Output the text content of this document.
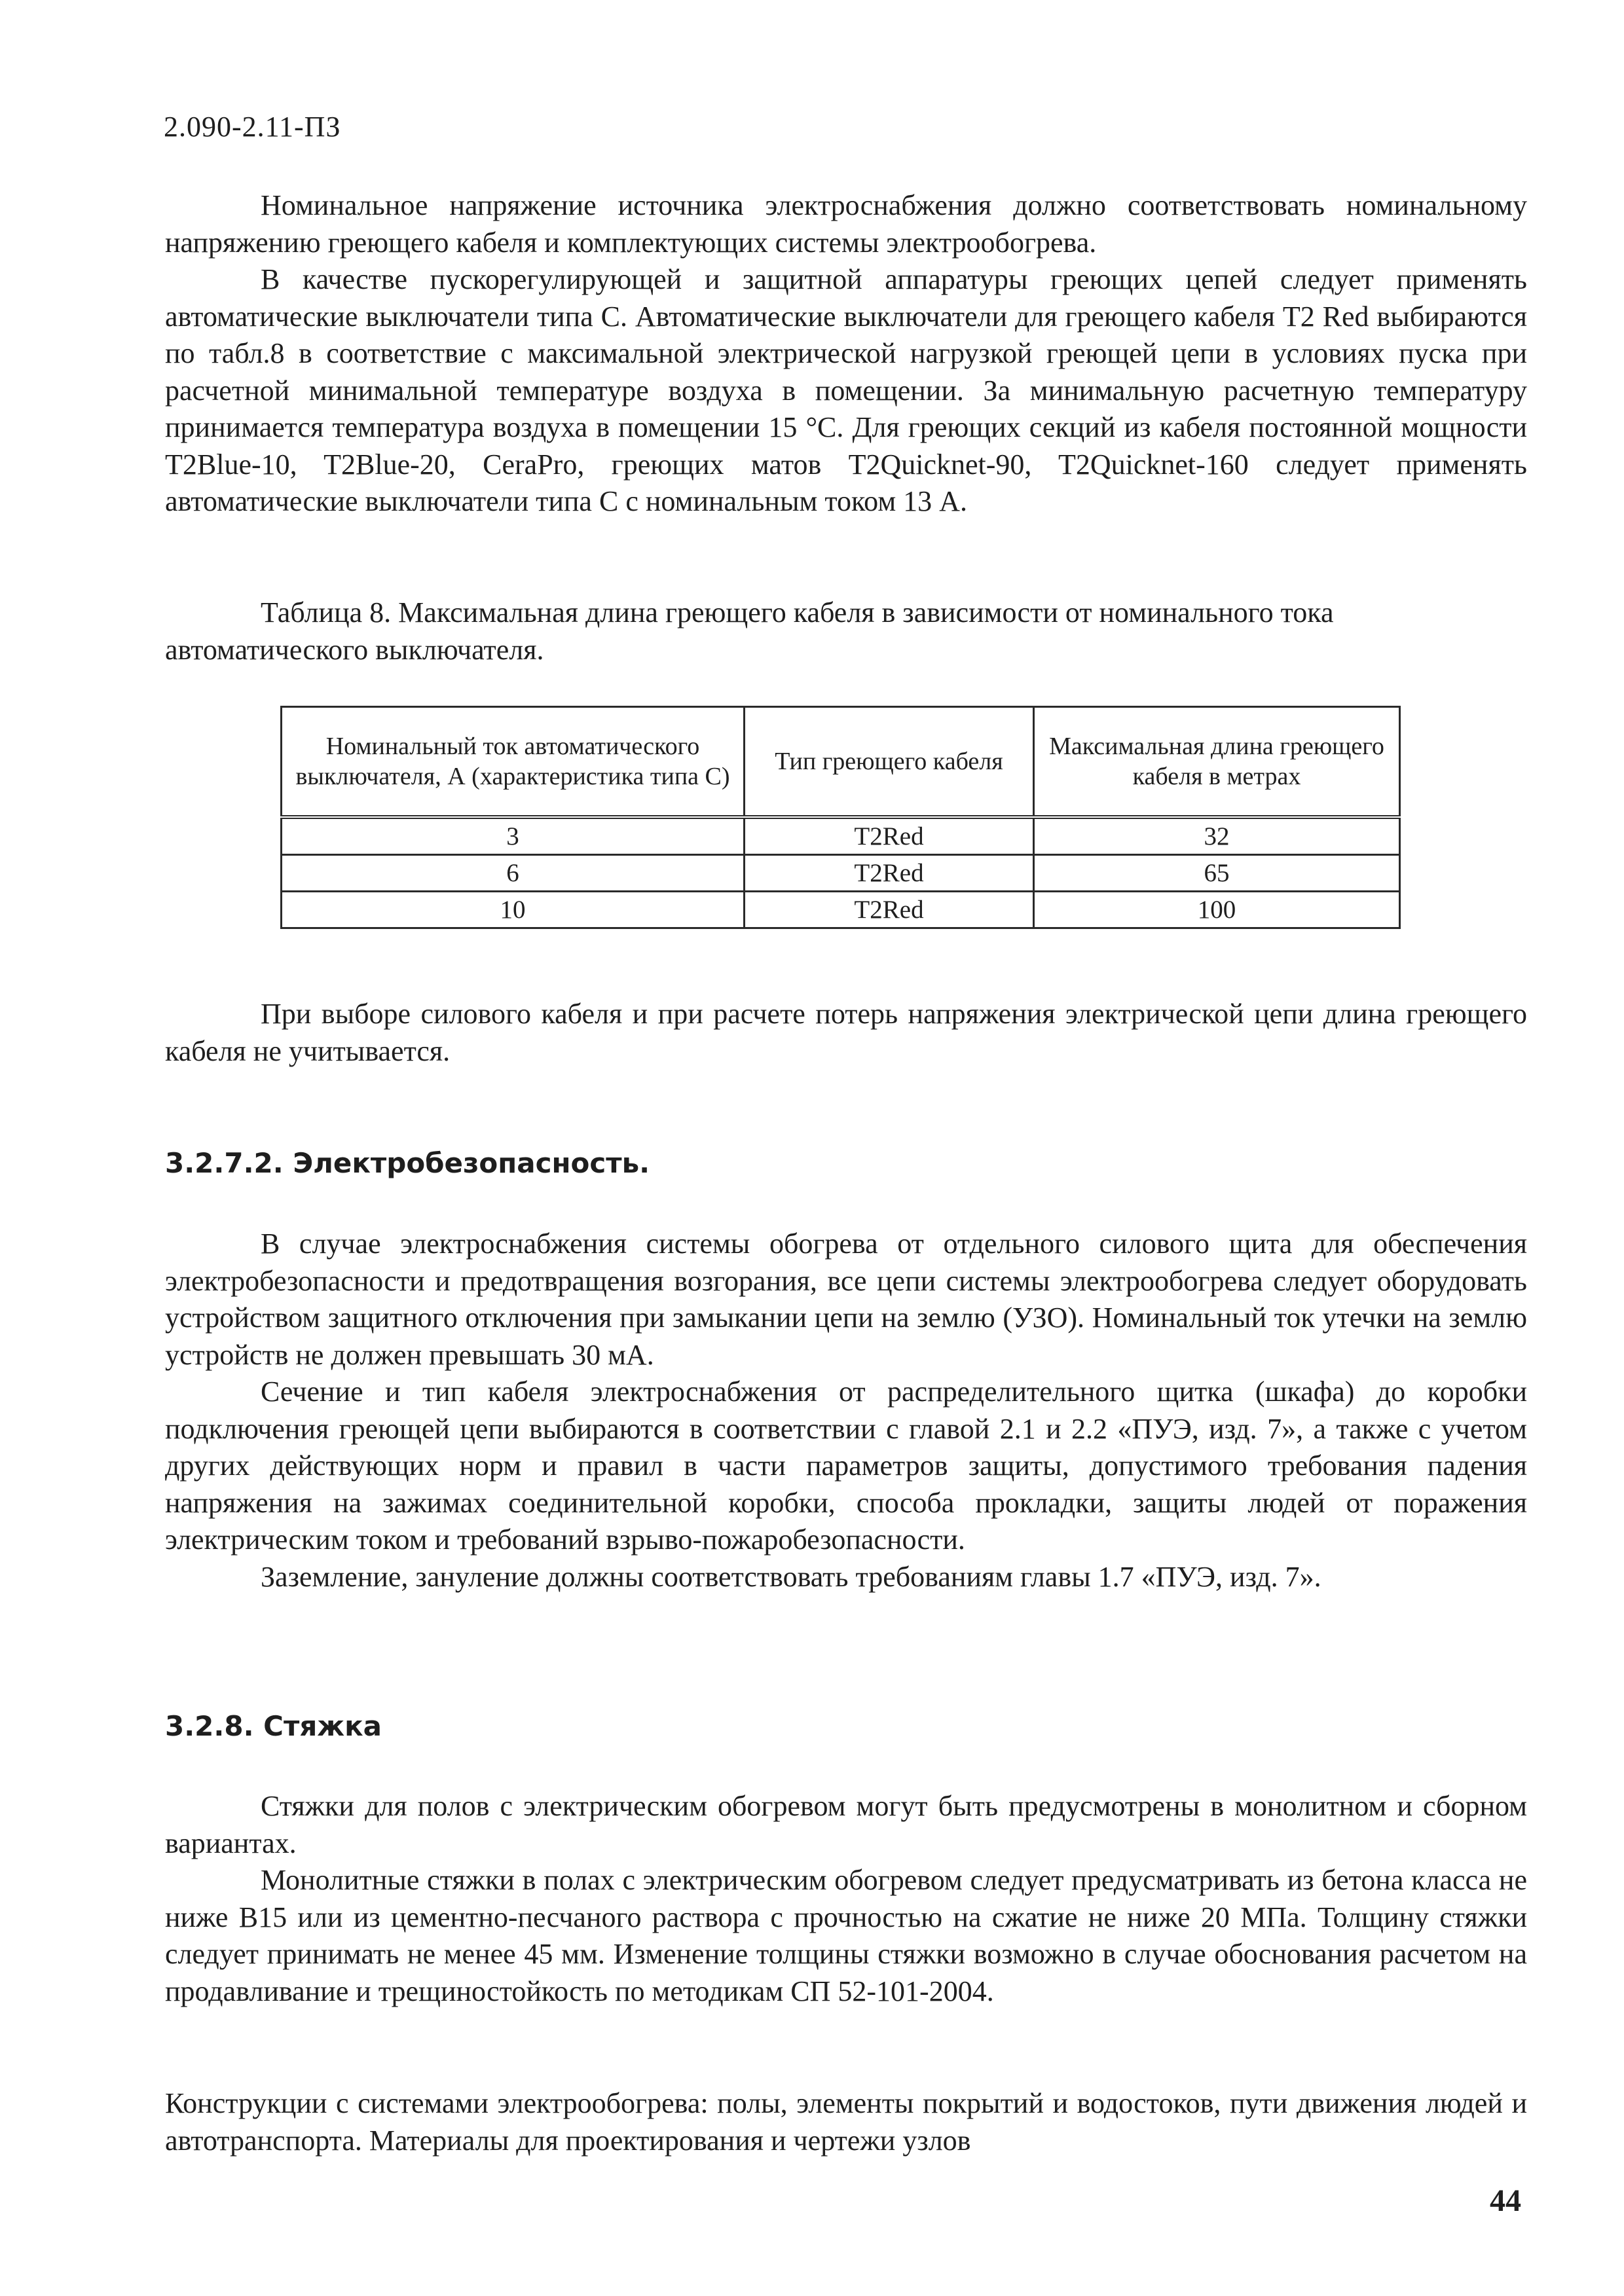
2.090-2.11-ПЗ

Номинальное напряжение источника электроснабжения должно соответствовать номинальному напряжению греющего кабеля и комплектующих системы электрообогрева.

В качестве пускорегулирующей и защитной аппаратуры греющих цепей следует применять автоматические выключатели типа С. Автоматические выключатели для греющего кабеля T2 Red выбираются по табл.8 в соответствие с максимальной электрической нагрузкой греющей цепи в условиях пуска при расчетной минимальной температуре воздуха в помещении. За минимальную расчетную температуру принимается температура воздуха в помещении 15 °С. Для греющих секций из кабеля постоянной мощности T2Blue-10, T2Blue-20, CeraPro, греющих матов T2Quicknet-90, T2Quicknet-160 следует применять автоматические выключатели типа С с номинальным током 13 А.

Таблица 8. Максимальная длина греющего кабеля в зависимости от номинального тока автоматического выключателя.
Номинальный ток автоматического выключателя, А (характеристика типа С)	Тип греющего кабеля	Максимальная длина греющего кабеля в метрах
3	T2Red	32
6	T2Red	65
10	T2Red	100

При выборе силового кабеля и при расчете потерь напряжения электрической цепи длина греющего кабеля не учитывается.

3.2.7.2. Электробезопасность.

В случае электроснабжения системы обогрева от отдельного силового щита для обеспечения электробезопасности и предотвращения возгорания, все цепи системы электрообогрева следует оборудовать устройством защитного отключения при замыкании цепи на землю (УЗО). Номинальный ток утечки на землю устройств не должен превышать 30 мА.

Сечение и тип кабеля электроснабжения от распределительного щитка (шкафа) до коробки подключения греющей цепи выбираются в соответствии с главой 2.1 и 2.2 «ПУЭ, изд. 7», а также с учетом других действующих норм и правил в части параметров защиты, допустимого требования падения напряжения на зажимах соединительной коробки, способа прокладки, защиты людей от поражения электрическим током и требований взрыво-пожаробезопасности.

Заземление, зануление должны соответствовать требованиям главы 1.7 «ПУЭ, изд. 7».

3.2.8. Стяжка

Стяжки для полов с электрическим обогревом могут быть предусмотрены в монолитном и сборном вариантах.

Монолитные стяжки в полах с электрическим обогревом следует предусматривать из бетона класса не ниже В15 или из цементно-песчаного раствора с прочностью на сжатие не ниже 20 МПа. Толщину стяжки следует принимать не менее 45 мм. Изменение толщины стяжки возможно в случае обоснования расчетом на продавливание и трещиностойкость по методикам СП 52-101-2004.

Конструкции с системами электрообогрева: полы, элементы покрытий и водостоков, пути движения людей и автотранспорта. Материалы для проектирования и чертежи узлов

44
